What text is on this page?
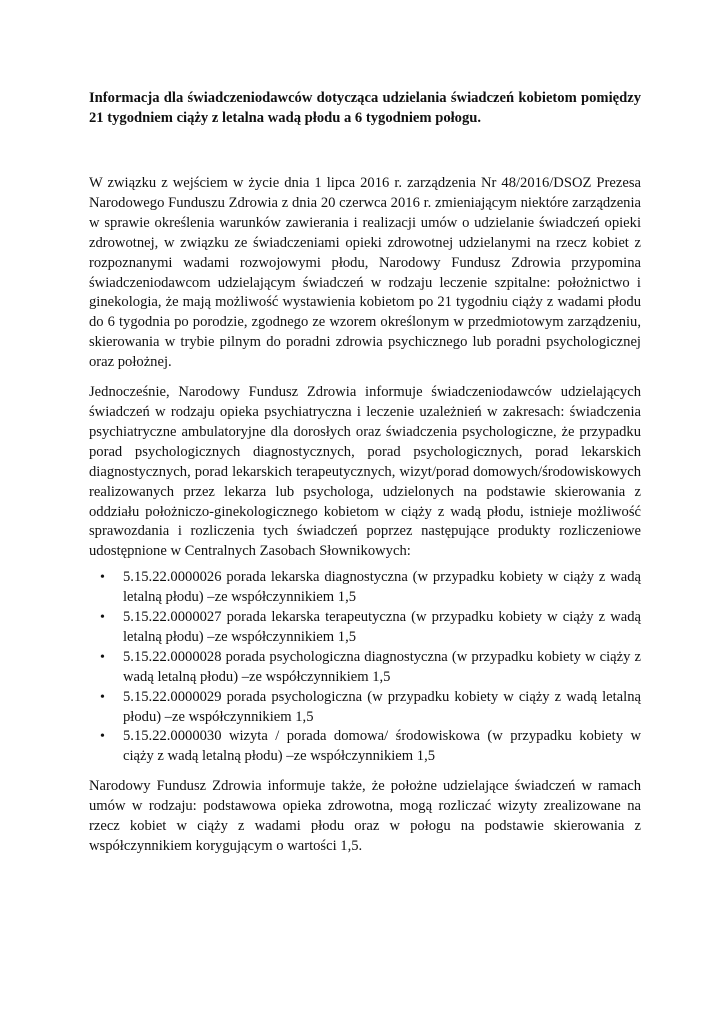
Informacja dla świadczeniodawców dotycząca udzielania świadczeń kobietom pomiędzy 21 tygodniem ciąży z letalna wadą płodu a 6 tygodniem połogu.

W związku z wejściem w życie dnia 1 lipca 2016 r. zarządzenia Nr 48/2016/DSOZ Prezesa Narodowego Funduszu Zdrowia z dnia 20 czerwca 2016 r. zmieniającym niektóre zarządzenia w sprawie określenia warunków zawierania i realizacji umów o udzielanie świadczeń opieki zdrowotnej, w związku ze świadczeniami opieki zdrowotnej udzielanymi na rzecz kobiet z rozpoznanymi wadami rozwojowymi płodu, Narodowy Fundusz Zdrowia przypomina świadczeniodawcom udzielającym świadczeń w rodzaju leczenie szpitalne: położnictwo i ginekologia, że mają możliwość wystawienia kobietom po 21 tygodniu ciąży z wadami płodu do 6 tygodnia po porodzie, zgodnego ze wzorem określonym w przedmiotowym zarządzeniu, skierowania w trybie pilnym do poradni zdrowia psychicznego lub poradni psychologicznej oraz położnej.

Jednocześnie, Narodowy Fundusz Zdrowia informuje świadczeniodawców udzielających świadczeń w rodzaju opieka psychiatryczna i leczenie uzależnień w zakresach: świadczenia psychiatryczne ambulatoryjne dla dorosłych oraz świadczenia psychologiczne, że przypadku porad psychologicznych diagnostycznych, porad psychologicznych, porad lekarskich diagnostycznych, porad lekarskich terapeutycznych, wizyt/porad domowych/środowiskowych realizowanych przez lekarza lub psychologa, udzielonych na podstawie skierowania z oddziału położniczo-ginekologicznego kobietom w ciąży z wadą płodu, istnieje możliwość sprawozdania i rozliczenia tych świadczeń poprzez następujące produkty rozliczeniowe udostępnione w Centralnych Zasobach Słownikowych:

• 5.15.22.0000026 porada lekarska diagnostyczna (w przypadku kobiety w ciąży z wadą letalną płodu) –ze współczynnikiem 1,5
• 5.15.22.0000027 porada lekarska terapeutyczna (w przypadku kobiety w ciąży z wadą letalną płodu) –ze współczynnikiem 1,5
• 5.15.22.0000028 porada psychologiczna diagnostyczna (w przypadku kobiety w ciąży z wadą letalną płodu) –ze współczynnikiem 1,5
• 5.15.22.0000029 porada psychologiczna (w przypadku kobiety w ciąży z wadą letalną płodu) –ze współczynnikiem 1,5
• 5.15.22.0000030 wizyta / porada domowa/ środowiskowa (w przypadku kobiety w ciąży z wadą letalną płodu) –ze współczynnikiem 1,5

Narodowy Fundusz Zdrowia informuje także, że położne udzielające świadczeń w ramach umów w rodzaju: podstawowa opieka zdrowotna, mogą rozliczać wizyty zrealizowane na rzecz kobiet w ciąży z wadami płodu oraz w połogu na podstawie skierowania z współczynnikiem korygującym o wartości 1,5.
